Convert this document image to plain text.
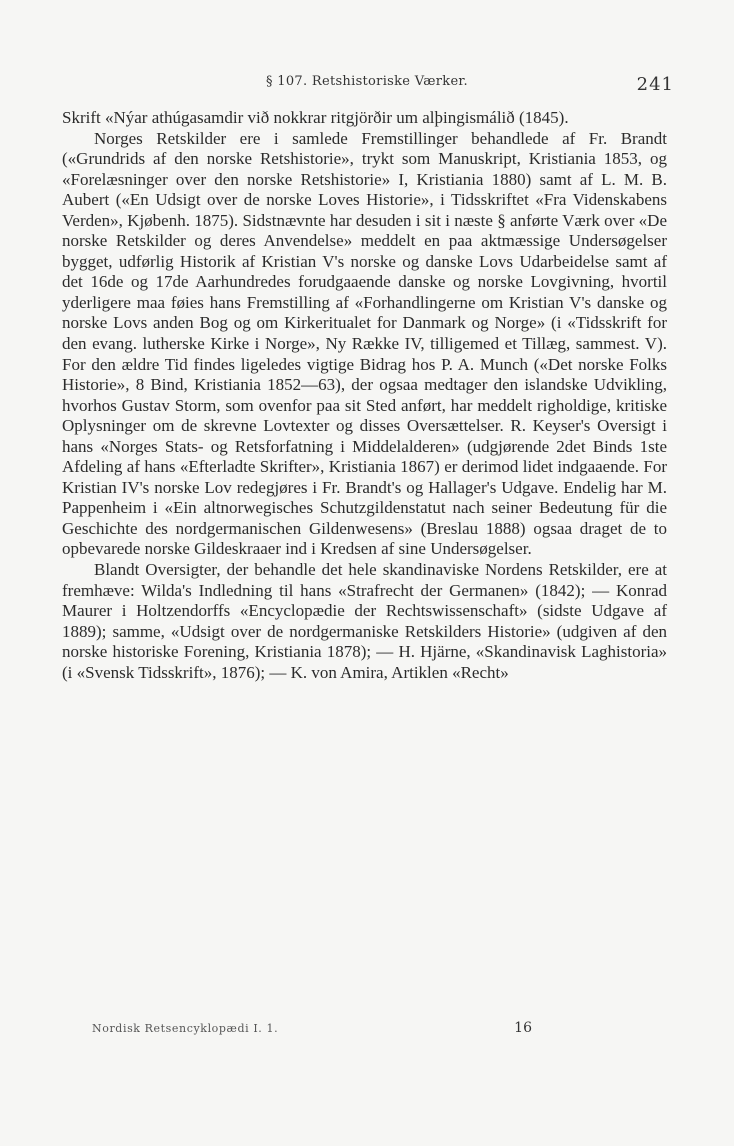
§ 107. Retshistoriske Værker.	241

Skrift «Nýar athúgasamdir við nokkrar ritgjörðir um alþingismálið (1845).

Norges Retskilder ere i samlede Fremstillinger behandlede af Fr. Brandt («Grundrids af den norske Retshistorie», trykt som Manuskript, Kristiania 1853, og «Forelæsninger over den norske Retshistorie» I, Kristiania 1880) samt af L. M. B. Aubert («En Udsigt over de norske Loves Historie», i Tidsskriftet «Fra Videnskabens Verden», Kjøbenh. 1875). Sidstnævnte har desuden i sit i næste § anførte Værk over «De norske Retskilder og deres Anvendelse» meddelt en paa aktmæssige Undersøgelser bygget, udførlig Historik af Kristian V's norske og danske Lovs Udarbeidelse samt af det 16de og 17de Aarhundredes forudgaaende danske og norske Lovgivning, hvortil yderligere maa føies hans Fremstilling af «Forhandlingerne om Kristian V's danske og norske Lovs anden Bog og om Kirkeritualet for Danmark og Norge» (i «Tidsskrift for den evang. lutherske Kirke i Norge», Ny Række IV, tilligemed et Tillæg, sammest. V). For den ældre Tid findes ligeledes vigtige Bidrag hos P. A. Munch («Det norske Folks Historie», 8 Bind, Kristiania 1852—63), der ogsaa medtager den islandske Udvikling, hvorhos Gustav Storm, som ovenfor paa sit Sted anført, har meddelt righoldige, kritiske Oplysninger om de skrevne Lovtexter og disses Oversættelser. R. Keyser's Oversigt i hans «Norges Stats- og Retsforfatning i Middelalderen» (udgjørende 2det Binds 1ste Afdeling af hans «Efterladte Skrifter», Kristiania 1867) er derimod lidet indgaaende. For Kristian IV's norske Lov redegjøres i Fr. Brandt's og Hallager's Udgave. Endelig har M. Pappenheim i «Ein altnorwegisches Schutzgildenstatut nach seiner Bedeutung für die Geschichte des nordgermanischen Gildenwesens» (Breslau 1888) ogsaa draget de to opbevarede norske Gildeskraaer ind i Kredsen af sine Undersøgelser.

Blandt Oversigter, der behandle det hele skandinaviske Nordens Retskilder, ere at fremhæve: Wilda's Indledning til hans «Strafrecht der Germanen» (1842); — Konrad Maurer i Holtzendorffs «Encyclopædie der Rechtswissenschaft» (sidste Udgave af 1889); samme, «Udsigt over de nordgermaniske Retskilders Historie» (udgiven af den norske historiske Forening, Kristiania 1878); — H. Hjärne, «Skandinavisk Laghistoria» (i «Svensk Tidsskrift», 1876); — K. von Amira, Artiklen «Recht»

Nordisk Retsencyklopædi I. 1.	16
